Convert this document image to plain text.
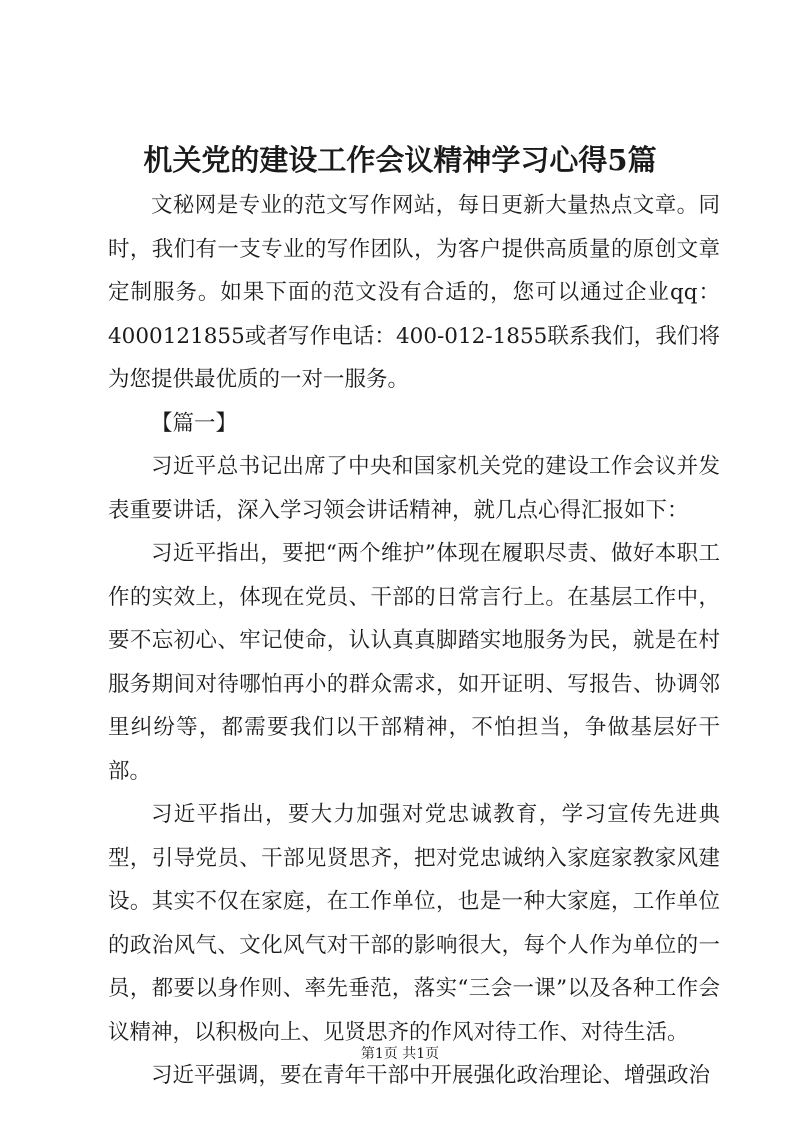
机关党的建设工作会议精神学习心得5篇

文秘网是专业的范文写作网站，每日更新大量热点文章。同时，我们有一支专业的写作团队，为客户提供高质量的原创文章定制服务。如果下面的范文没有合适的，您可以通过企业qq：4000121855或者写作电话：400-012-1855联系我们，我们将为您提供最优质的一对一服务。

【篇一】

习近平总书记出席了中央和国家机关党的建设工作会议并发表重要讲话，深入学习领会讲话精神，就几点心得汇报如下：

习近平指出，要把“两个维护”体现在履职尽责、做好本职工作的实效上，体现在党员、干部的日常言行上。在基层工作中，要不忘初心、牢记使命，认认真真脚踏实地服务为民，就是在村服务期间对待哪怕再小的群众需求，如开证明、写报告、协调邻里纠纷等，都需要我们以干部精神，不怕担当，争做基层好干部。

习近平指出，要大力加强对党忠诚教育，学习宣传先进典型，引导党员、干部见贤思齐，把对党忠诚纳入家庭家教家风建设。其实不仅在家庭，在工作单位，也是一种大家庭，工作单位的政治风气、文化风气对干部的影响很大，每个人作为单位的一员，都要以身作则、率先垂范，落实“三会一课”以及各种工作会议精神，以积极向上、见贤思齐的作风对待工作、对待生活。

习近平强调，要在青年干部中开展强化政治理论、增强政治

第1页 共1页
